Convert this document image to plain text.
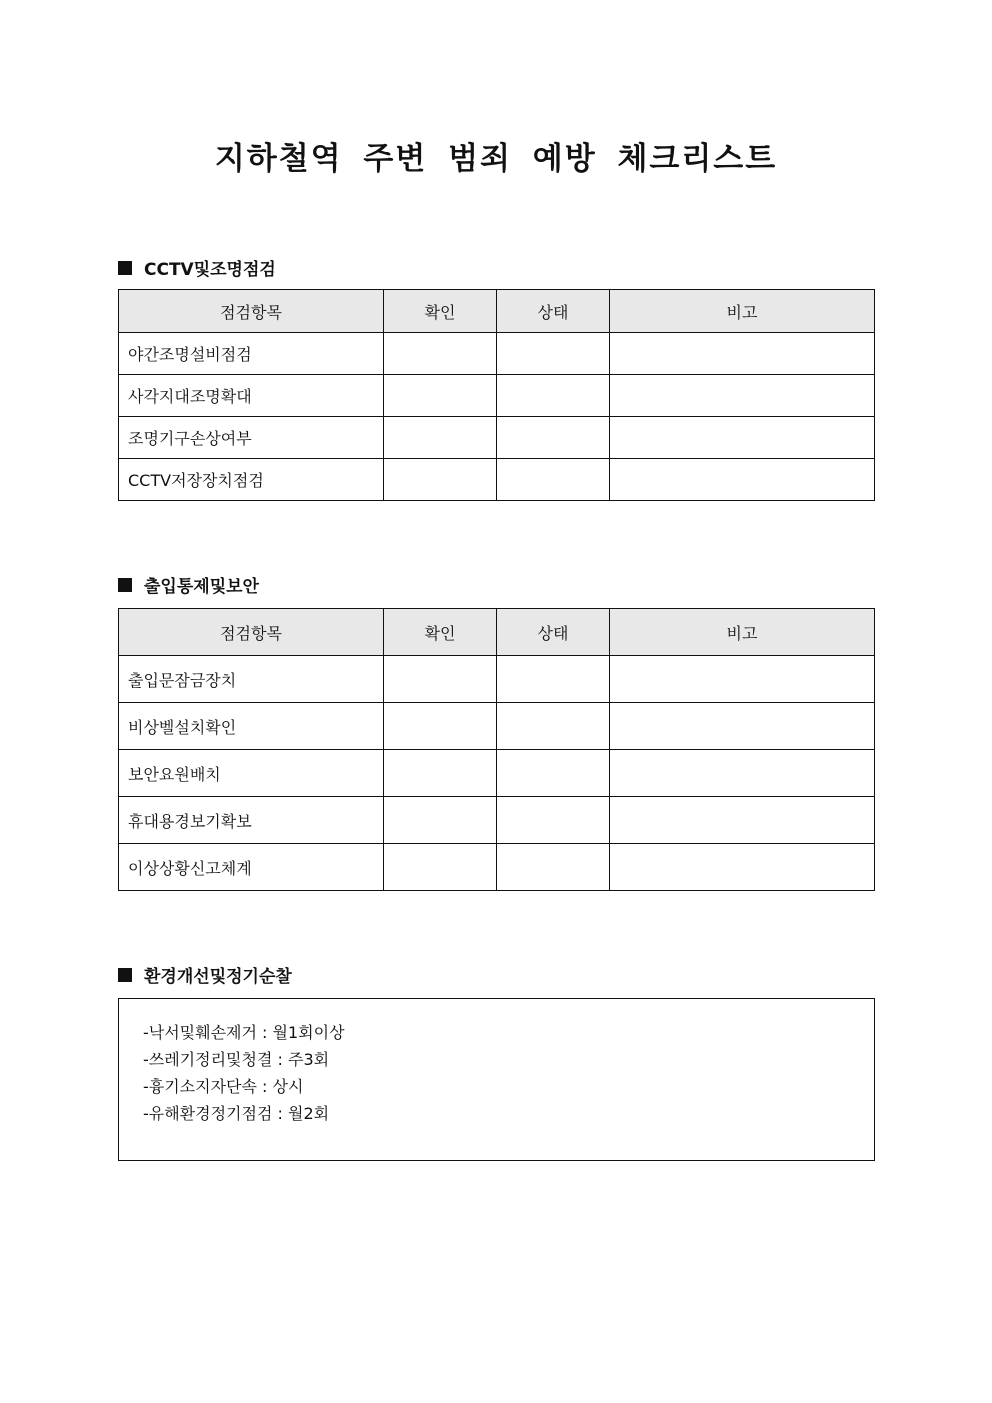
지하철역 주변 범죄 예방 체크리스트
CCTV및조명점검
점검항목	확인	상태	비고
야간조명설비점검			
사각지대조명확대			
조명기구손상여부			
CCTV저장장치점검			
출입통제및보안
점검항목	확인	상태	비고
출입문잠금장치			
비상벨설치확인			
보안요원배치			
휴대용경보기확보			
이상상황신고체계			
환경개선및정기순찰
-낙서및훼손제거 : 월1회이상
-쓰레기정리및청결 : 주3회
-흉기소지자단속 : 상시
-유해환경정기점검 : 월2회
